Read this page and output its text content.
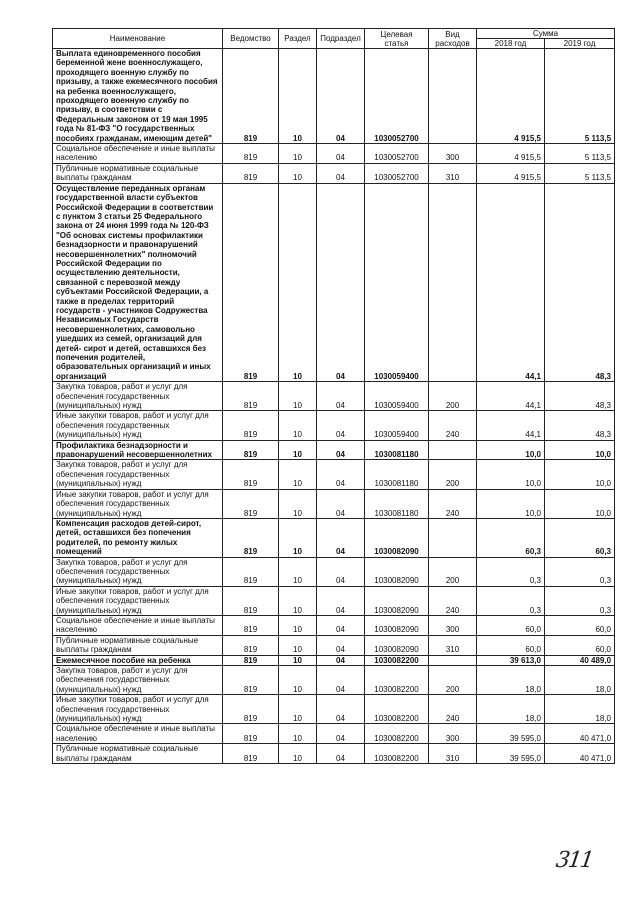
Наименование	Ведомство	Раздел	Подраздел	Целевая статья	Вид расходов	Сумма	
						2018 год	2019 год
Выплата единовременного пособия беременной жене военнослужащего, проходящего военную службу по призыву, а также ежемесячного пособия на ребенка военнослужащего, проходящего военную службу по призыву, в соответствии с Федеральным законом от 19 мая 1995 года № 81-ФЗ "О государственных пособиях гражданам, имеющим детей"	819	10	04	1030052700		4 915,5	5 113,5
Социальное обеспечение и иные выплаты населению	819	10	04	1030052700	300	4 915,5	5 113,5
Публичные нормативные социальные выплаты гражданам	819	10	04	1030052700	310	4 915,5	5 113,5
Осуществление переданных органам государственной власти субъектов Российской Федерации в соответствии с пунктом 3 статьи 25 Федерального закона от 24 июня 1999 года № 120-ФЗ "Об основах системы профилактики безнадзорности и правонарушений несовершеннолетних" полномочий Российской Федерации по осуществлению деятельности, связанной с перевозкой между субъектами Российской Федерации, а также в пределах территорий государств - участников Содружества Независимых Государств несовершеннолетних, самовольно ушедших из семей, организаций для детей- сирот и детей, оставшихся без попечения родителей, образовательных организаций и иных организаций	819	10	04	1030059400		44,1	48,3
Закупка товаров, работ и услуг для обеспечения государственных (муниципальных) нужд	819	10	04	1030059400	200	44,1	48,3
Иные закупки товаров, работ и услуг для обеспечения государственных (муниципальных) нужд	819	10	04	1030059400	240	44,1	48,3
Профилактика безнадзорности и правонарушений несовершеннолетних	819	10	04	1030081180		10,0	10,0
Закупка товаров, работ и услуг для обеспечения государственных (муниципальных) нужд	819	10	04	1030081180	200	10,0	10,0
Иные закупки товаров, работ и услуг для обеспечения государственных (муниципальных) нужд	819	10	04	1030081180	240	10,0	10,0
Компенсация расходов детей-сирот, детей, оставшихся без попечения родителей, по ремонту жилых помещений	819	10	04	1030082090		60,3	60,3
Закупка товаров, работ и услуг для обеспечения государственных (муниципальных) нужд	819	10	04	1030082090	200	0,3	0,3
Иные закупки товаров, работ и услуг для обеспечения государственных (муниципальных) нужд	819	10	04	1030082090	240	0,3	0,3
Социальное обеспечение и иные выплаты населению	819	10	04	1030082090	300	60,0	60,0
Публичные нормативные социальные выплаты гражданам	819	10	04	1030082090	310	60,0	60,0
Ежемесячное пособие на ребенка	819	10	04	1030082200		39 613,0	40 489,0
Закупка товаров, работ и услуг для обеспечения государственных (муниципальных) нужд	819	10	04	1030082200	200	18,0	18,0
Иные закупки товаров, работ и услуг для обеспечения государственных (муниципальных) нужд	819	10	04	1030082200	240	18,0	18,0
Социальное обеспечение и иные выплаты населению	819	10	04	1030082200	300	39 595,0	40 471,0
Публичные нормативные социальные выплаты гражданам	819	10	04	1030082200	310	39 595,0	40 471,0
311
